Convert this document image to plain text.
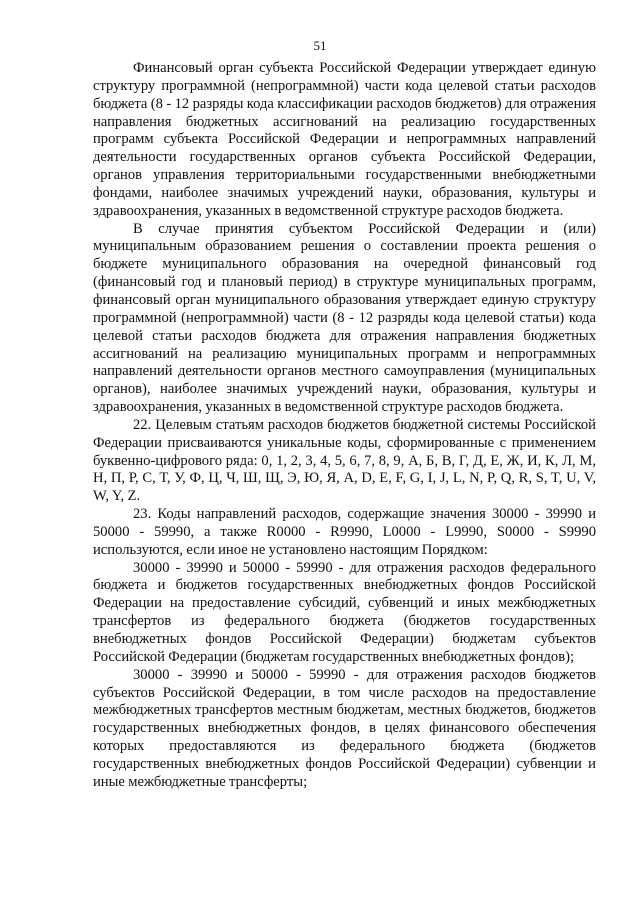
51

Финансовый орган субъекта Российской Федерации утверждает единую структуру программной (непрограммной) части кода целевой статьи расходов бюджета (8 - 12 разряды кода классификации расходов бюджетов) для отражения направления бюджетных ассигнований на реализацию государственных программ субъекта Российской Федерации и непрограммных направлений деятельности государственных органов субъекта Российской Федерации, органов управления территориальными государственными внебюджетными фондами, наиболее значимых учреждений науки, образования, культуры и здравоохранения, указанных в ведомственной структуре расходов бюджета.

В случае принятия субъектом Российской Федерации и (или) муниципальным образованием решения о составлении проекта решения о бюджете муниципального образования на очередной финансовый год (финансовый год и плановый период) в структуре муниципальных программ, финансовый орган муниципального образования утверждает единую структуру программной (непрограммной) части (8 - 12 разряды кода целевой статьи) кода целевой статьи расходов бюджета для отражения направления бюджетных ассигнований на реализацию муниципальных программ и непрограммных направлений деятельности органов местного самоуправления (муниципальных органов), наиболее значимых учреждений науки, образования, культуры и здравоохранения, указанных в ведомственной структуре расходов бюджета.

22. Целевым статьям расходов бюджетов бюджетной системы Российской Федерации присваиваются уникальные коды, сформированные с применением буквенно-цифрового ряда: 0, 1, 2, 3, 4, 5, 6, 7, 8, 9, А, Б, В, Г, Д, Е, Ж, И, К, Л, М, Н, П, Р, С, Т, У, Ф, Ц, Ч, Ш, Щ, Э, Ю, Я, A, D, E, F, G, I, J, L, N, P, Q, R, S, T, U, V, W, Y, Z.

23. Коды направлений расходов, содержащие значения 30000 - 39990 и 50000 - 59990, а также R0000 - R9990, L0000 - L9990, S0000 - S9990 используются, если иное не установлено настоящим Порядком:

30000 - 39990 и 50000 - 59990 - для отражения расходов федерального бюджета и бюджетов государственных внебюджетных фондов Российской Федерации на предоставление субсидий, субвенций и иных межбюджетных трансфертов из федерального бюджета (бюджетов государственных внебюджетных фондов Российской Федерации) бюджетам субъектов Российской Федерации (бюджетам государственных внебюджетных фондов);

30000 - 39990 и 50000 - 59990 - для отражения расходов бюджетов субъектов Российской Федерации, в том числе расходов на предоставление межбюджетных трансфертов местным бюджетам, местных бюджетов, бюджетов государственных внебюджетных фондов, в целях финансового обеспечения которых предоставляются из федерального бюджета (бюджетов государственных внебюджетных фондов Российской Федерации) субвенции и иные межбюджетные трансферты;
